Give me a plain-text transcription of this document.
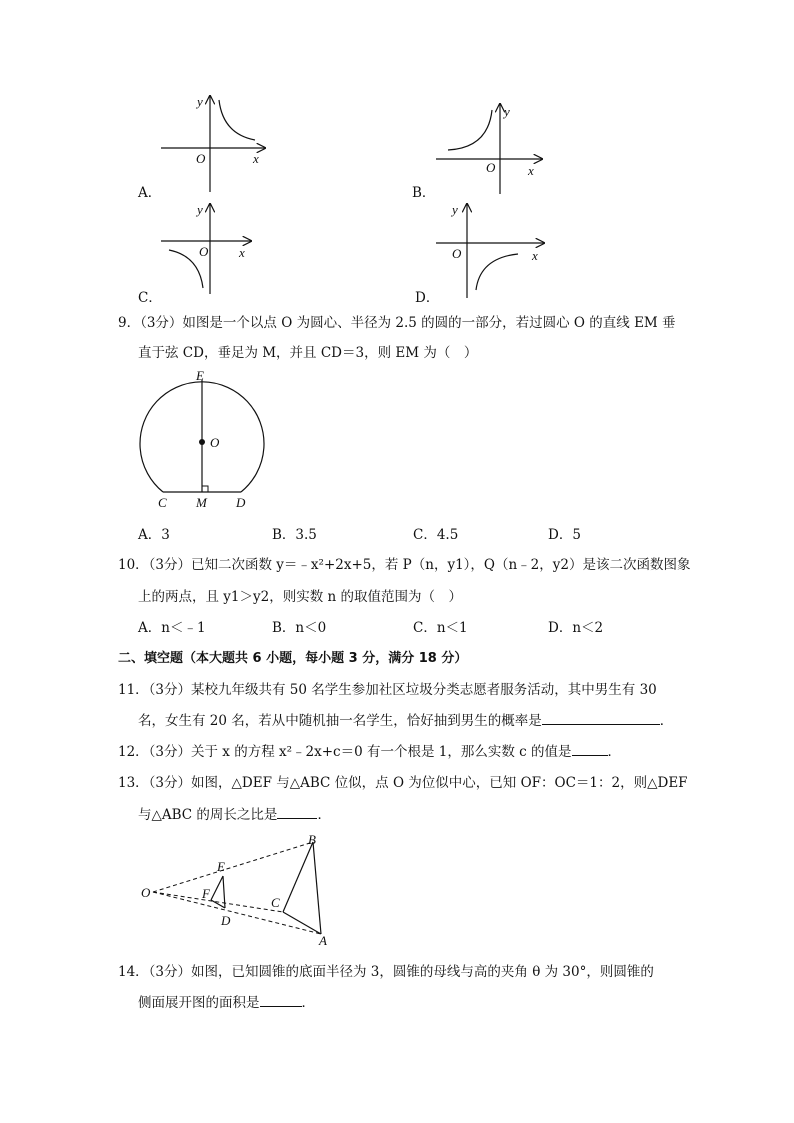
y
O	x
A．
y
O	x
B．
y
O x
C．
y
O	x
D．
9．（3分）如图是一个以点 O 为圆心、半径为 2.5 的圆的一部分，若过圆心 O 的直线 EM 垂
直于弦 CD，垂足为 M，并且 CD＝3，则 EM 为（　）
E
O
C M D
A．3	B．3.5	C．4.5	D．5
10．（3分）已知二次函数 y＝﹣x²+2x+5，若 P（n，y1），Q（n﹣2，y2）是该二次函数图象
上的两点，且 y1＞y2，则实数 n 的取值范围为（　）
A．n＜﹣1	B．n＜0	C．n＜1	D．n＜2
二、填空题（本大题共 6 小题，每小题 3 分，满分 18 分）
11．（3分）某校九年级共有 50 名学生参加社区垃圾分类志愿者服务活动，其中男生有 30
名，女生有 20 名，若从中随机抽一名学生，恰好抽到男生的概率是	．
12．（3分）关于 x 的方程 x²﹣2x+c＝0 有一个根是 1，那么实数 c 的值是	．
13．（3分）如图，△DEF 与△ABC 位似，点 O 为位似中心，已知 OF：OC＝1：2，则△DEF
与△ABC 的周长之比是	．
O
E
F
D
B
C
A
14．（3分）如图，已知圆锥的底面半径为 3，圆锥的母线与高的夹角 θ 为 30°，则圆锥的
侧面展开图的面积是	．
